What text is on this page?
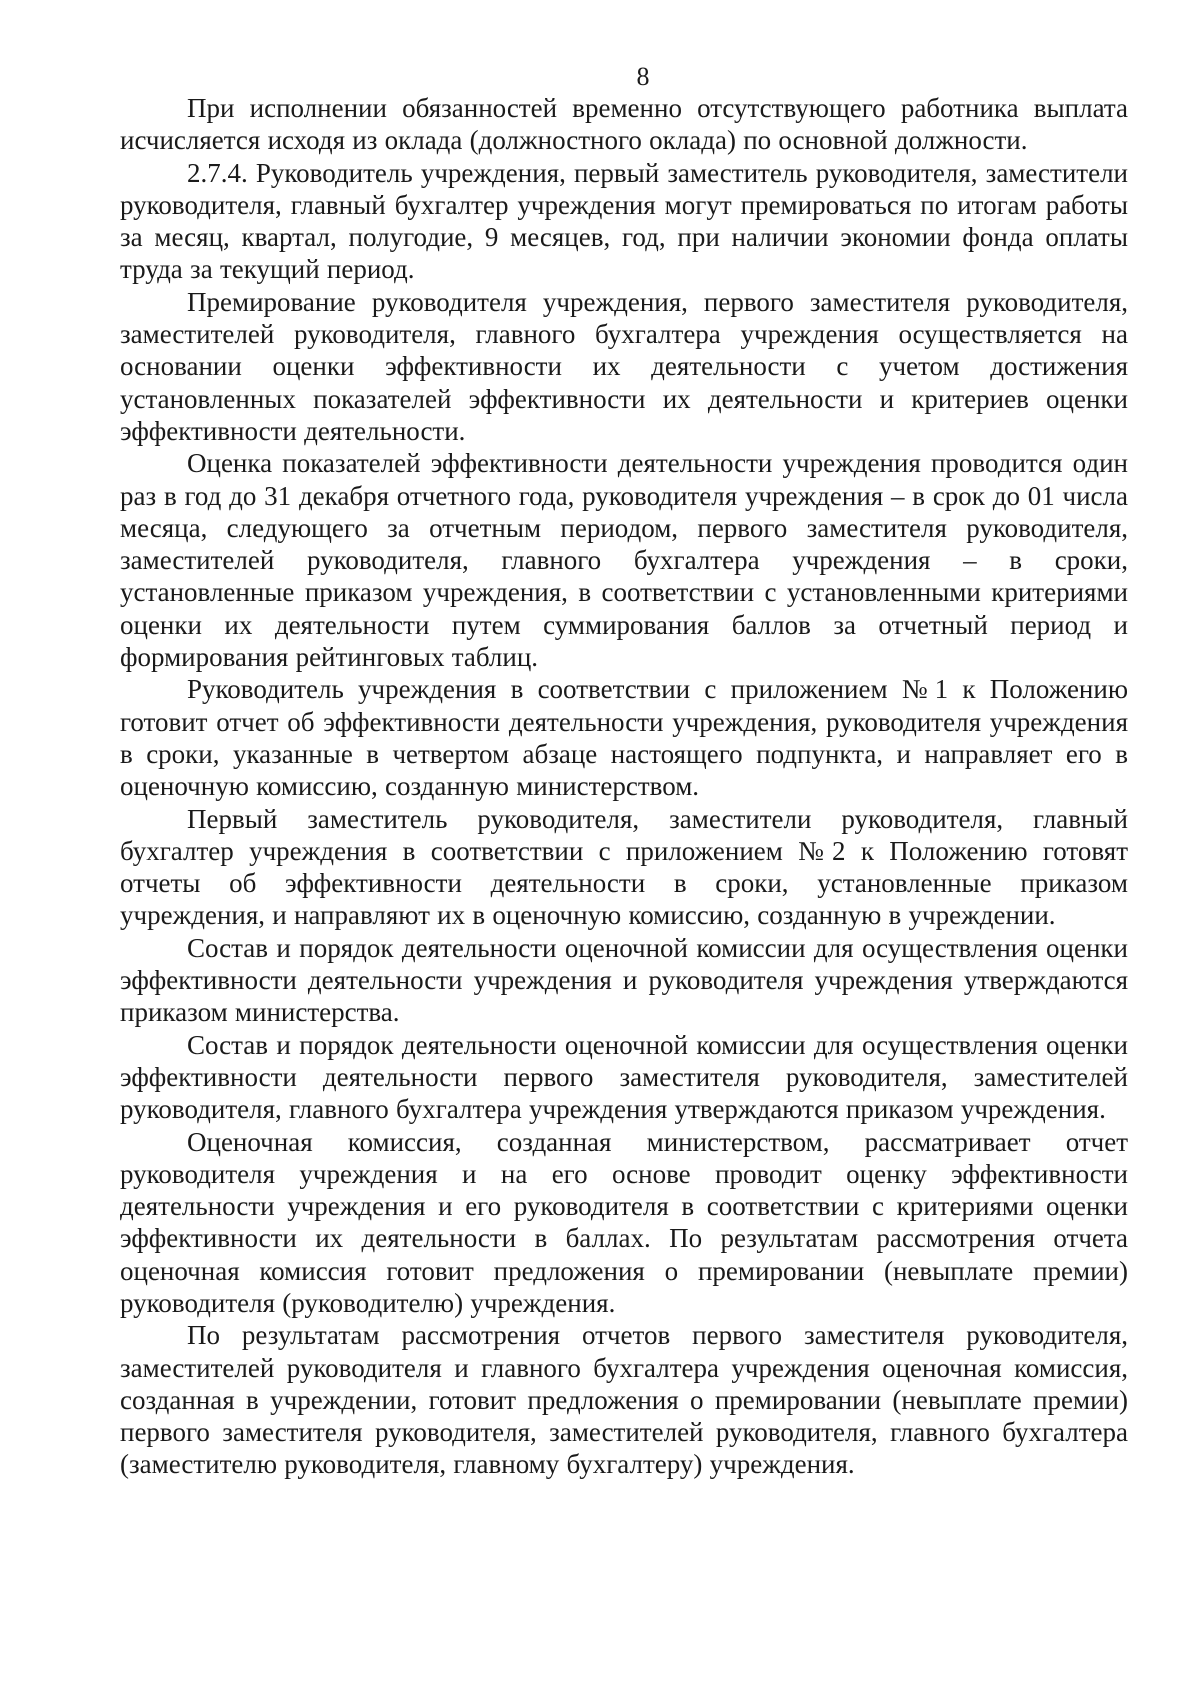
8

При исполнении обязанностей временно отсутствующего работника выплата исчисляется исходя из оклада (должностного оклада) по основной должности.

2.7.4. Руководитель учреждения, первый заместитель руководителя, заместители руководителя, главный бухгалтер учреждения могут премироваться по итогам работы за месяц, квартал, полугодие, 9 месяцев, год, при наличии экономии фонда оплаты труда за текущий период.

Премирование руководителя учреждения, первого заместителя руководителя, заместителей руководителя, главного бухгалтера учреждения осуществляется на основании оценки эффективности их деятельности с учетом достижения установленных показателей эффективности их деятельности и критериев оценки эффективности деятельности.

Оценка показателей эффективности деятельности учреждения проводится один раз в год до 31 декабря отчетного года, руководителя учреждения – в срок до 01 числа месяца, следующего за отчетным периодом, первого заместителя руководителя, заместителей руководителя, главного бухгалтера учреждения – в сроки, установленные приказом учреждения, в соответствии с установленными критериями оценки их деятельности путем суммирования баллов за отчетный период и формирования рейтинговых таблиц.

Руководитель учреждения в соответствии с приложением №1 к Положению готовит отчет об эффективности деятельности учреждения, руководителя учреждения в сроки, указанные в четвертом абзаце настоящего подпункта, и направляет его в оценочную комиссию, созданную министерством.

Первый заместитель руководителя, заместители руководителя, главный бухгалтер учреждения в соответствии с приложением №2 к Положению готовят отчеты об эффективности деятельности в сроки, установленные приказом учреждения, и направляют их в оценочную комиссию, созданную в учреждении.

Состав и порядок деятельности оценочной комиссии для осуществления оценки эффективности деятельности учреждения и руководителя учреждения утверждаются приказом министерства.

Состав и порядок деятельности оценочной комиссии для осуществления оценки эффективности деятельности первого заместителя руководителя, заместителей руководителя, главного бухгалтера учреждения утверждаются приказом учреждения.

Оценочная комиссия, созданная министерством, рассматривает отчет руководителя учреждения и на его основе проводит оценку эффективности деятельности учреждения и его руководителя в соответствии с критериями оценки эффективности их деятельности в баллах. По результатам рассмотрения отчета оценочная комиссия готовит предложения о премировании (невыплате премии) руководителя (руководителю) учреждения.

По результатам рассмотрения отчетов первого заместителя руководителя, заместителей руководителя и главного бухгалтера учреждения оценочная комиссия, созданная в учреждении, готовит предложения о премировании (невыплате премии) первого заместителя руководителя, заместителей руководителя, главного бухгалтера (заместителю руководителя, главному бухгалтеру) учреждения.
